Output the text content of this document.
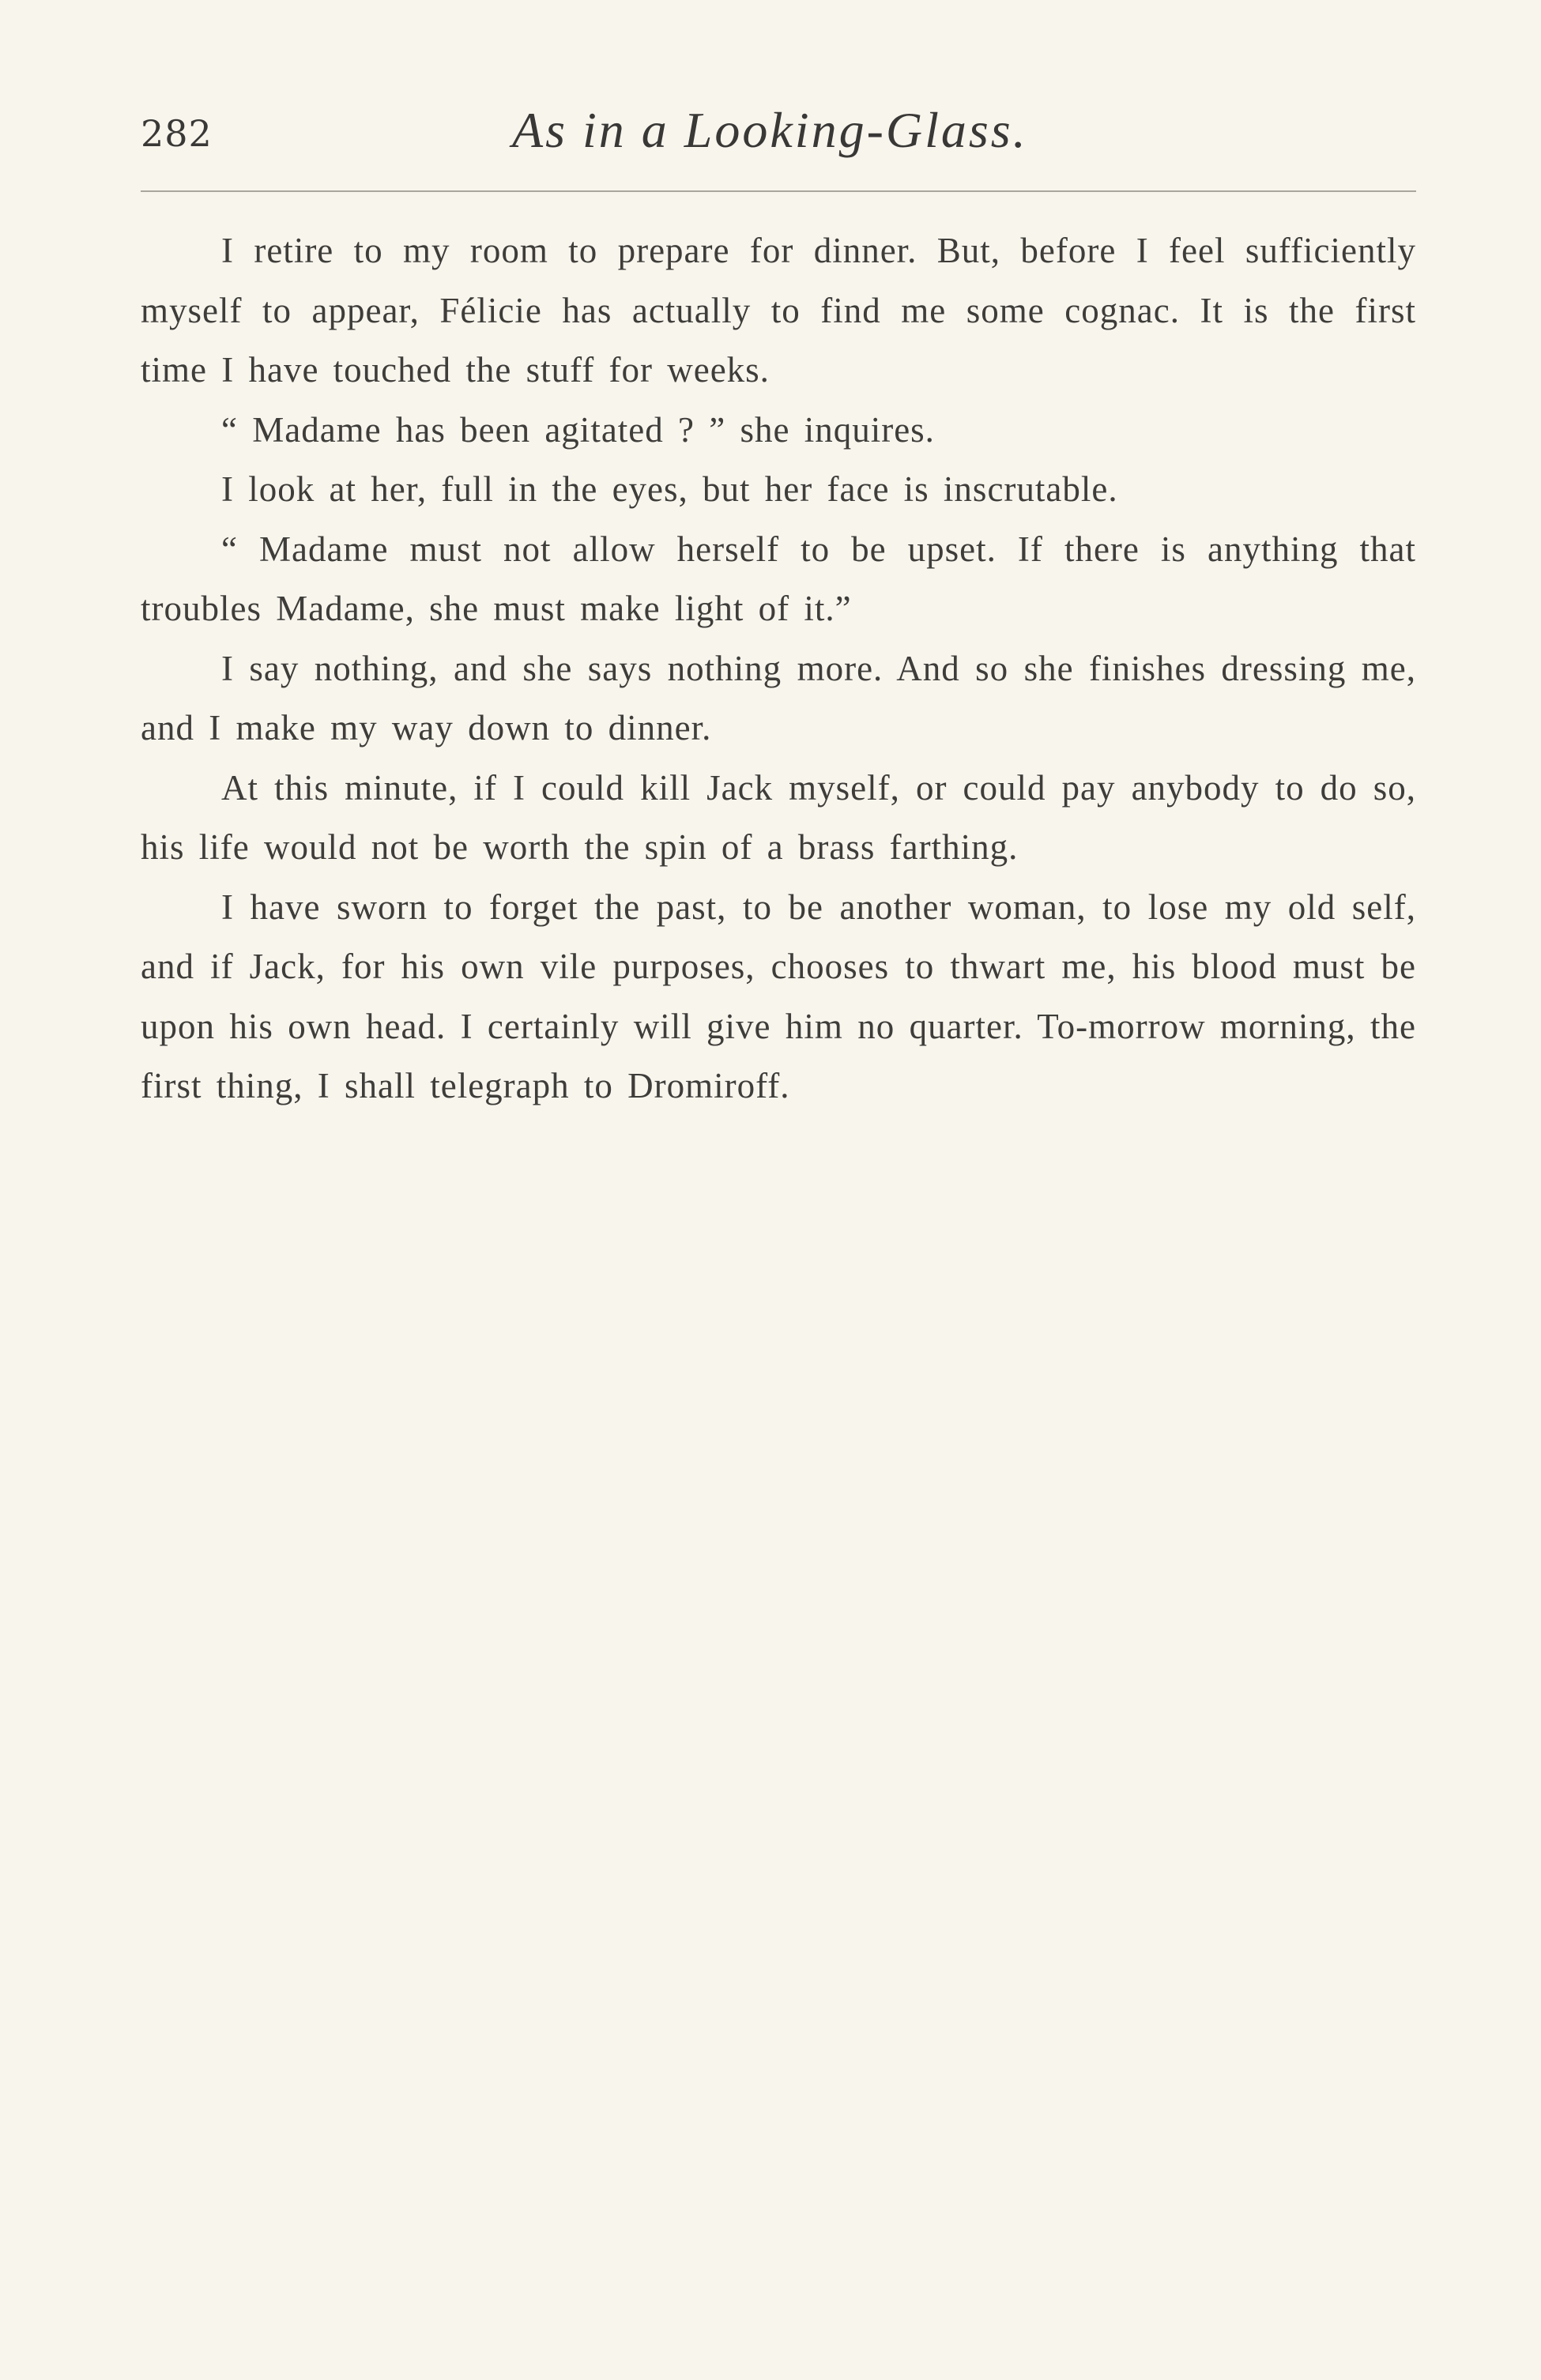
282	As in a Looking-Glass.

I retire to my room to prepare for dinner. But, before I feel sufficiently myself to appear, Félicie has actually to find me some cognac. It is the first time I have touched the stuff for weeks.

“ Madame has been agitated ? ” she inquires.

I look at her, full in the eyes, but her face is inscrutable.

“ Madame must not allow herself to be upset. If there is anything that troubles Madame, she must make light of it.”

I say nothing, and she says nothing more. And so she finishes dressing me, and I make my way down to dinner.

At this minute, if I could kill Jack myself, or could pay anybody to do so, his life would not be worth the spin of a brass farthing.

I have sworn to forget the past, to be another woman, to lose my old self, and if Jack, for his own vile purposes, chooses to thwart me, his blood must be upon his own head. I certainly will give him no quarter. To-morrow morning, the first thing, I shall telegraph to Dromiroff.
